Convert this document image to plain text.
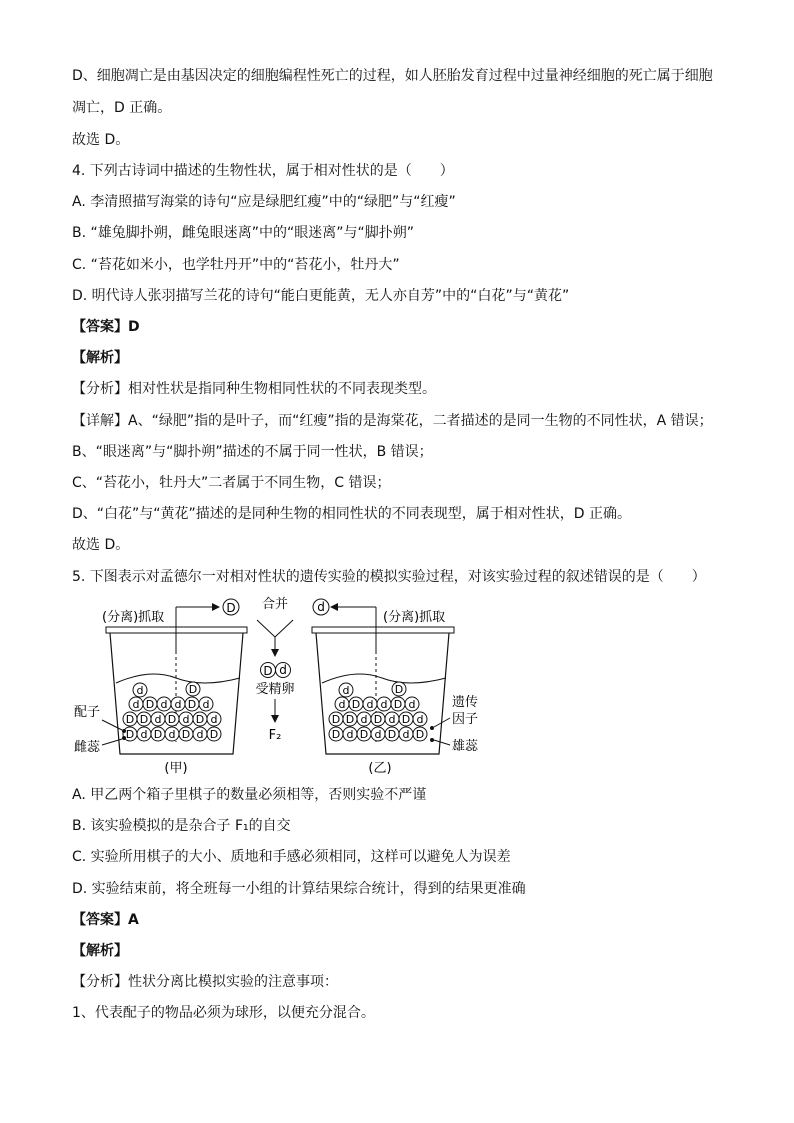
D、细胞凋亡是由基因决定的细胞编程性死亡的过程，如人胚胎发育过程中过量神经细胞的死亡属于细胞
凋亡，D 正确。
故选 D。
4. 下列古诗词中描述的生物性状，属于相对性状的是（　　）
A. 李清照描写海棠的诗句“应是绿肥红瘦”中的“绿肥”与“红瘦”
B. “雄兔脚扑朔，雌兔眼迷离”中的“眼迷离”与“脚扑朔”
C. “苔花如米小，也学牡丹开”中的“苔花小，牡丹大”
D. 明代诗人张羽描写兰花的诗句“能白更能黄，无人亦自芳”中的“白花”与“黄花”
【答案】D
【解析】
【分析】相对性状是指同种生物相同性状的不同表现类型。
【详解】A、“绿肥”指的是叶子，而“红瘦”指的是海棠花，二者描述的是同一生物的不同性状，A 错误；
B、“眼迷离”与“脚扑朔”描述的不属于同一性状，B 错误；
C、“苔花小，牡丹大”二者属于不同生物，C 错误；
D、“白花”与“黄花”描述的是同种生物的相同性状的不同表现型，属于相对性状，D 正确。
故选 D。
5. 下图表示对孟德尔一对相对性状的遗传实验的模拟实验过程，对该实验过程的叙述错误的是（　　）
(分离)抓取	(分离)抓取
D	d
合并
D d
受精卵
F₂
d	D
d D d d D d
D D d D d D d
D d D d D d D
d	D
d D d d D d
D D d D d D d
D d D d D d D
配子
雌蕊
遗传
因子
雄蕊
(甲)	(乙)
A. 甲乙两个箱子里棋子的数量必须相等，否则实验不严谨
B. 该实验模拟的是杂合子 F₁的自交
C. 实验所用棋子的大小、质地和手感必须相同，这样可以避免人为误差
D. 实验结束前，将全班每一小组的计算结果综合统计，得到的结果更准确
【答案】A
【解析】
【分析】性状分离比模拟实验的注意事项：
1、代表配子的物品必须为球形，以便充分混合。
